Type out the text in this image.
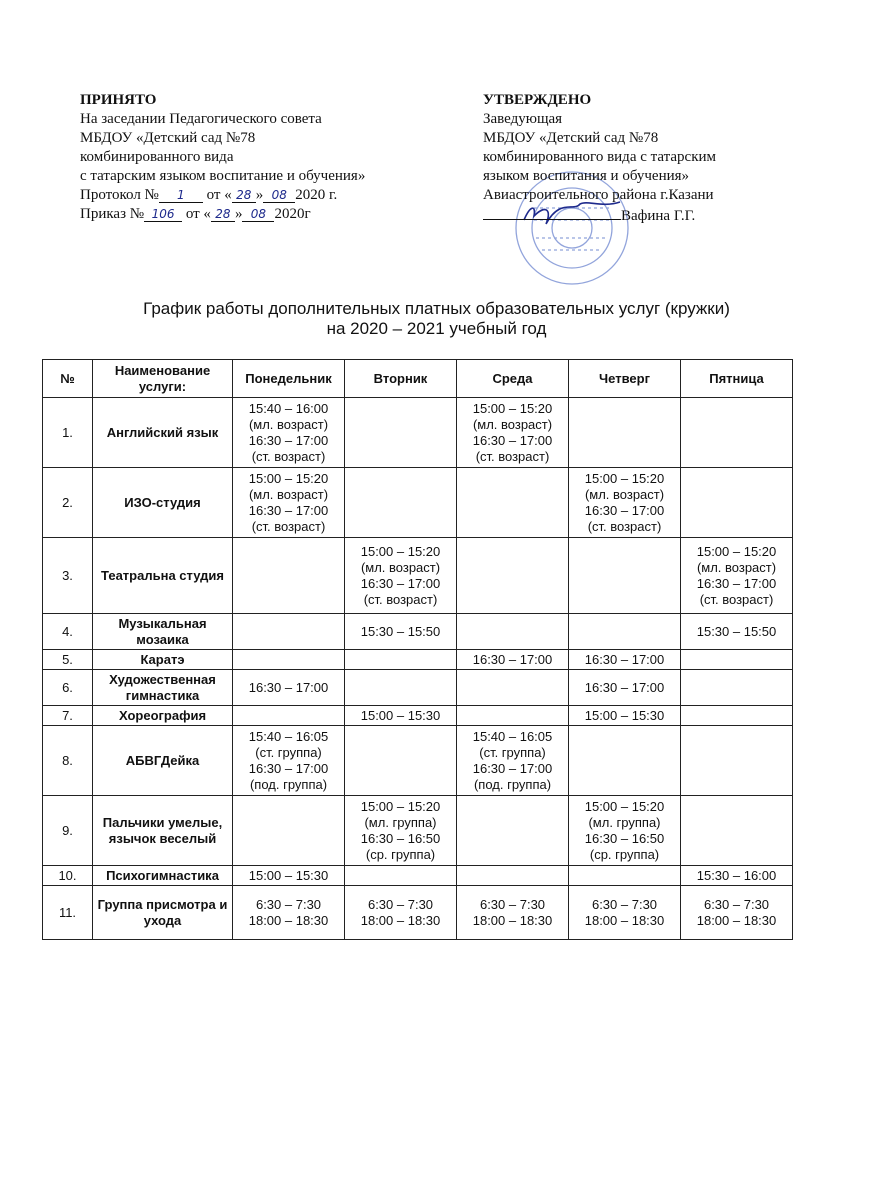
ПРИНЯТО
На заседании Педагогического совета
МБДОУ «Детский сад №78
комбинированного вида
с татарским языком воспитание и обучения»
Протокол № 1 от « 28 » 08 2020 г.
Приказ № 106 от « 28 » 08 2020г
УТВЕРЖДЕНО
Заведующая
МБДОУ «Детский сад №78
комбинированного вида с татарским
языком воспитания и обучения»
Авиастроительного района г.Казани
Вафина Г.Г.
График работы дополнительных платных образовательных услуг (кружки)
на 2020 – 2021 учебный год
№	Наименование услуги:	Понедельник	Вторник	Среда	Четверг	Пятница
1.	Английский язык	15:40 – 16:00
(мл. возраст)
16:30 – 17:00
(ст. возраст)		15:00 – 15:20
(мл. возраст)
16:30 – 17:00
(ст. возраст)		
2.	ИЗО-студия	15:00 – 15:20
(мл. возраст)
16:30 – 17:00
(ст. возраст)			15:00 – 15:20
(мл. возраст)
16:30 – 17:00
(ст. возраст)	
3.	Театральна студия		15:00 – 15:20
(мл. возраст)
16:30 – 17:00
(ст. возраст)			15:00 – 15:20
(мл. возраст)
16:30 – 17:00
(ст. возраст)
4.	Музыкальная мозаика		15:30 – 15:50			15:30 – 15:50
5.	Каратэ			16:30 – 17:00	16:30 – 17:00	
6.	Художественная гимнастика	16:30 – 17:00			16:30 – 17:00	
7.	Хореография		15:00 – 15:30		15:00 – 15:30	
8.	АБВГДейка	15:40 – 16:05
(ст. группа)
16:30 – 17:00
(под. группа)		15:40 – 16:05
(ст. группа)
16:30 – 17:00
(под. группа)		
9.	Пальчики умелые, язычок веселый		15:00 – 15:20
(мл. группа)
16:30 – 16:50
(ср. группа)		15:00 – 15:20
(мл. группа)
16:30 – 16:50
(ср. группа)	
10.	Психогимнастика	15:00 – 15:30				15:30 – 16:00
11.	Группа присмотра и ухода	6:30 – 7:30
18:00 – 18:30	6:30 – 7:30
18:00 – 18:30	6:30 – 7:30
18:00 – 18:30	6:30 – 7:30
18:00 – 18:30	6:30 – 7:30
18:00 – 18:30
